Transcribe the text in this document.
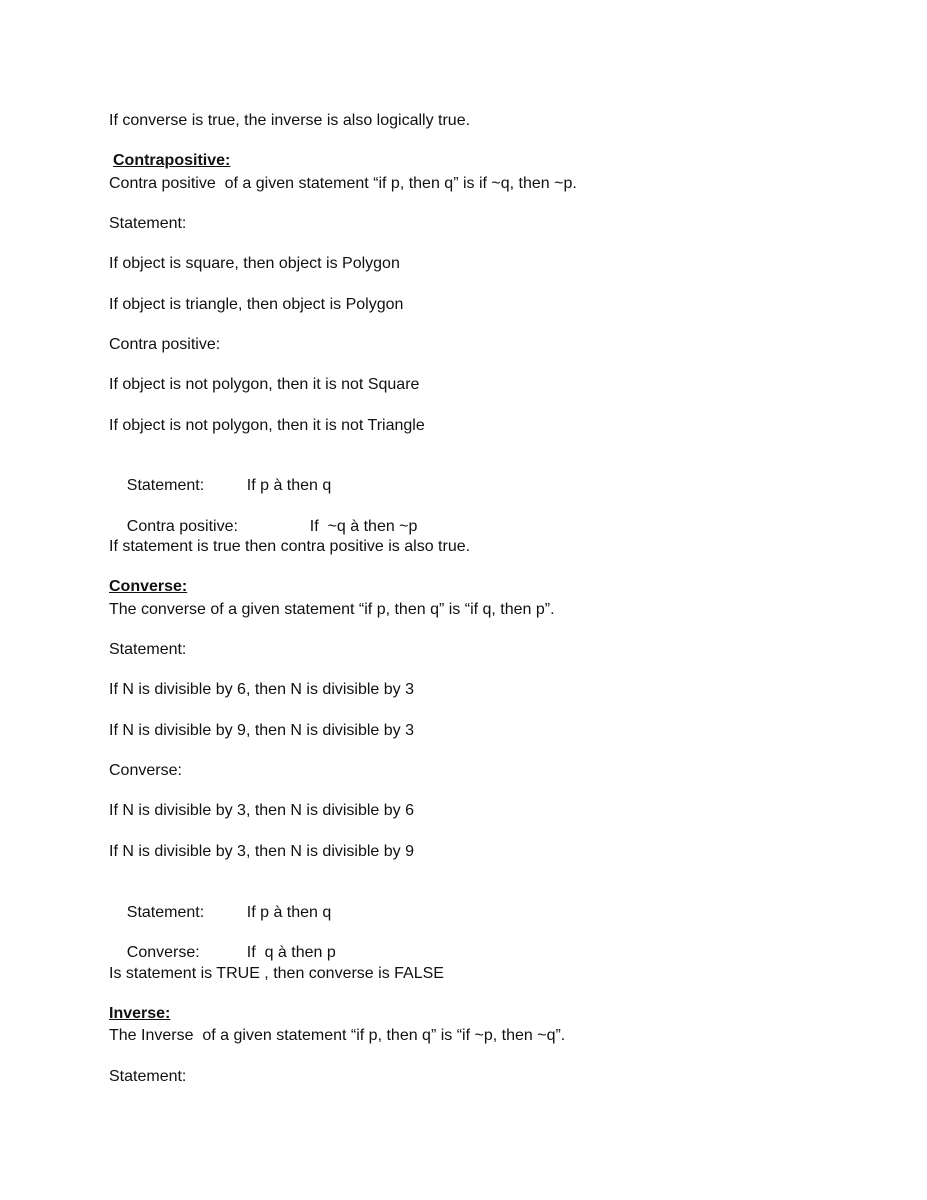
If converse is true, the inverse is also logically true.
Contrapositive:
Contra positive  of a given statement “if p, then q” is if ~q, then ~p.
Statement:
If object is square, then object is Polygon
If object is triangle, then object is Polygon
Contra positive:
If object is not polygon, then it is not Square
If object is not polygon, then it is not Triangle

Statement:	If p à then q

Contra positive:	If  ~q à then ~p

If statement is true then contra positive is also true.
Converse:
The converse of a given statement “if p, then q” is “if q, then p”.
Statement:
If N is divisible by 6, then N is divisible by 3
If N is divisible by 9, then N is divisible by 3
Converse:
If N is divisible by 3, then N is divisible by 6
If N is divisible by 3, then N is divisible by 9

Statement:	If p à then q

Converse:	If  q à then p

Is statement is TRUE , then converse is FALSE
Inverse:
The Inverse  of a given statement “if p, then q” is “if ~p, then ~q”.
Statement:
